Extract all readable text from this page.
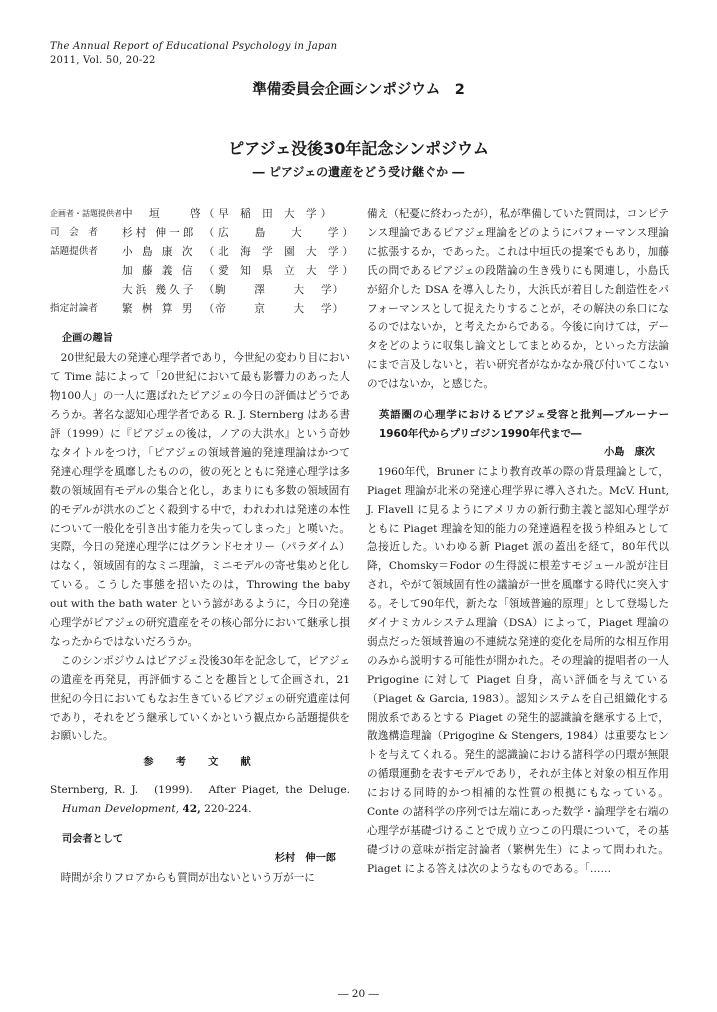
The Annual Report of Educational Psychology in Japan
2011, Vol. 50, 20-22
準備委員会企画シンポジウム　2
ピアジェ没後30年記念シンポジウム
― ピアジェの遺産をどう受け継ぐか ―
企画者・話題提供者	中　垣　　啓	（早 稲 田 大 学）
司　会　者	杉村 伸一郎	（広　 島　 大　 学）
話題提供者	小 島 康 次	（北 海 学 園 大 学）
	加 藤 義 信	（愛 知 県 立 大 学）
	大浜 幾久子	（駒　　 澤　　 大　 学）
指定討論者	繁 桝 算 男	（帝　　 京　　 大　 学）

企画の趣旨

20世紀最大の発達心理学者であり，今世紀の変わり目において Time 誌によって「20世紀において最も影響力のあった人物100人」の一人に選ばれたピアジェの今日の評価はどうであろうか。著名な認知心理学者である R. J. Sternberg はある書評（1999）に『ピアジェの後は，ノアの大洪水』という奇妙なタイトルをつけ，「ピアジェの領域普遍的発達理論はかつて発達心理学を風靡したものの，彼の死とともに発達心理学は多数の領域固有モデルの集合と化し，あまりにも多数の領域固有的モデルが洪水のごとく殺到する中で，われわれは発達の本性について一般化を引き出す能力を失ってしまった」と嘆いた。実際，今日の発達心理学にはグランドセオリー（パラダイム）はなく，領域固有的なミニ理論，ミニモデルの寄せ集めと化している。こうした事態を招いたのは，Throwing the baby out with the bath water という諺があるように，今日の発達心理学がピアジェの研究遺産をその核心部分において継承し損なったからではないだろうか。

このシンポジウムはピアジェ没後30年を記念して，ピアジェの遺産を再発見，再評価することを趣旨として企画され，21世紀の今日においてもなお生きているピアジェの研究遺産は何であり，それをどう継承していくかという観点から話題提供をお願いした。

参　考　文　献

Sternberg, R. J.　(1999).　After Piaget, the Deluge. Human Development, 42, 220-224.

司会者として

杉村　伸一郎

時間が余りフロアからも質問が出ないという万が一に

備え（杞憂に終わったが），私が準備していた質問は，コンピテンス理論であるピアジェ理論をどのようにパフォーマンス理論に拡張するか，であった。これは中垣氏の提案でもあり，加藤氏の問であるピアジェの段階論の生き残りにも関連し，小島氏が紹介した DSA を導入したり，大浜氏が着目した創造性をパフォーマンスとして捉えたりすることが，その解決の糸口になるのではないか，と考えたからである。今後に向けては，データをどのように収集し論文としてまとめるか，といった方法論にまで言及しないと，若い研究者がなかなか飛び付いてこないのではないか，と感じた。

英語圏の心理学におけるピアジェ受容と批判―ブルーナー1960年代からプリゴジン1990年代まで―

小島　康次

1960年代，Bruner により教育改革の際の背景理論として，Piaget 理論が北米の発達心理学界に導入された。McV. Hunt, J. Flavell に見るようにアメリカの新行動主義と認知心理学がともに Piaget 理論を知的能力の発達過程を扱う枠組みとして急接近した。いわゆる新 Piaget 派の蓋出を経て，80年代以降，Chomsky＝Fodor の生得説に根差すモジュール説が注目され，やがて領域固有性の議論が一世を風靡する時代に突入する。そして90年代，新たな「領域普遍的原理」として登場したダイナミカルシステム理論（DSA）によって，Piaget 理論の弱点だった領域普遍の不連続な発達的変化を局所的な相互作用のみから説明する可能性が開かれた。その理論的提唱者の一人 Prigogine に対して Piaget 自身，高い評価を与えている（Piaget & Garcia, 1983）。認知システムを自己組織化する開放系であるとする Piaget の発生的認識論を継承する上で，散逸構造理論（Prigogine & Stengers, 1984）は重要なヒントを与えてくれる。発生的認識論における諸科学の円環が無限の循環運動を表すモデルであり，それが主体と対象の相互作用における同時的かつ相補的な性質の根拠にもなっている。Conte の諸科学の序列では左端にあった数学・論理学を右端の心理学が基礎づけることで成り立つこの円環について，その基礎づけの意味が指定討論者（繁桝先生）によって問われた。Piaget による答えは次のようなものである。「……

― 20 ―
